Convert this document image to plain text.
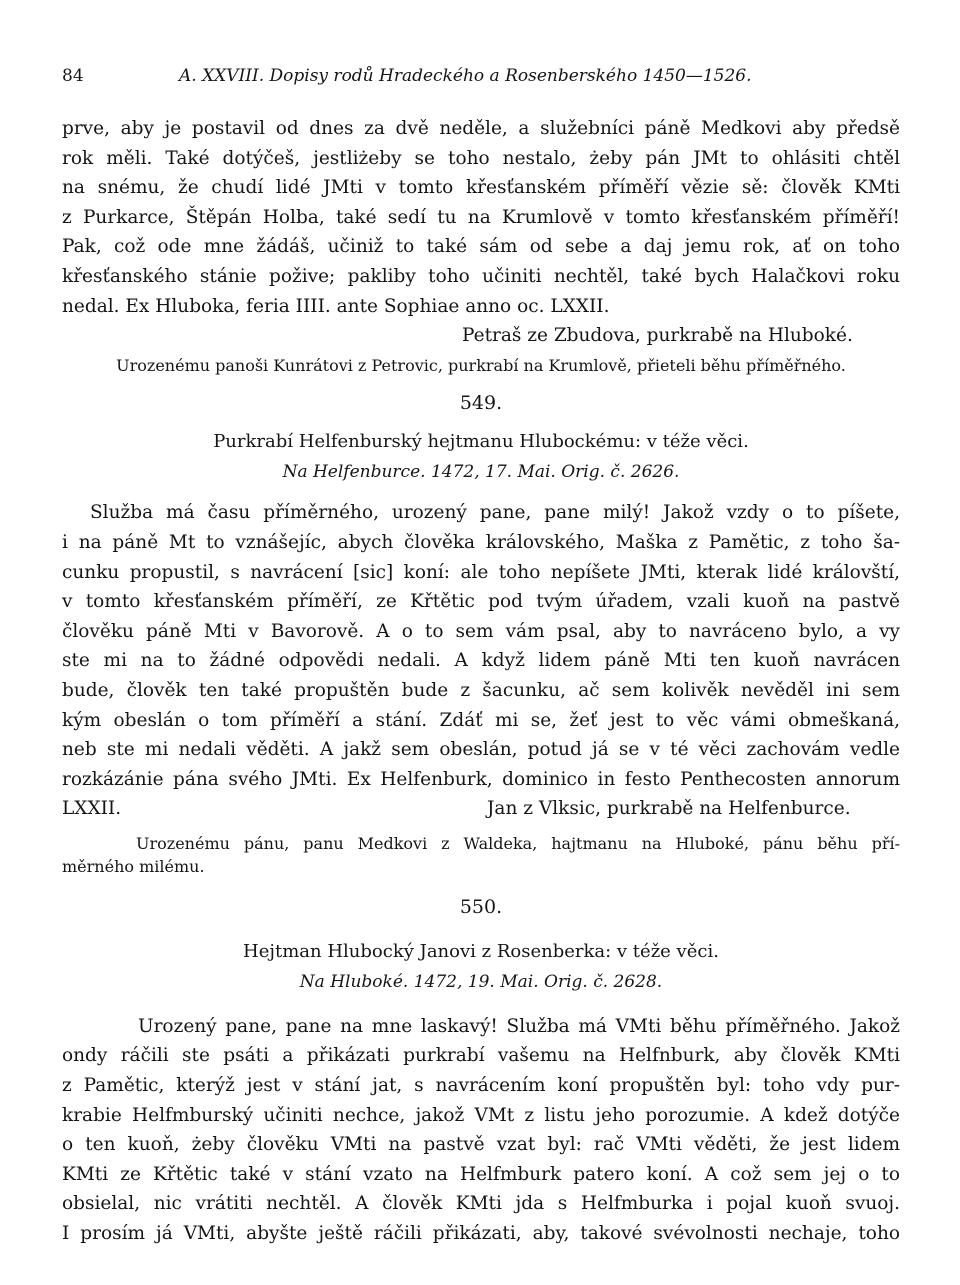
84	A. XXVIII. Dopisy rodů Hradeckého a Rosenberského 1450—1526.
prve, aby je postavil od dnes za dvě neděle, a služebníci páně Medkovi aby předsě
rok měli. Také dotýčeš, jestliżeby se toho nestalo, żeby pán JMt to ohlásiti chtěl
na snému, že chudí lidé JMti v tomto křesťanském příměří vězie sě: člověk KMti
z Purkarce, Štěpán Holba, také sedí tu na Krumlově v tomto křesťanském příměří!
Pak, což ode mne žádáš, učiniž to také sám od sebe a daj jemu rok, ať on toho
křesťanského stánie požive; pakliby toho učiniti nechtěl, také bych Halačkovi roku
nedal. Ex Hluboka, feria IIII. ante Sophiae anno oc. LXXII.
Petraš ze Zbudova, purkrabě na Hluboké.
Urozenému panoši Kunrátovi z Petrovic, purkrabí na Krumlově, přieteli běhu příměřného.
549.
Purkrabí Helfenburský hejtmanu Hlubockému: v téže věci.
Na Helfenburce. 1472, 17. Mai. Orig. č. 2626.
Služba má času příměrného, urozený pane, pane milý! Jakož vzdy o to píšete,
i na páně Mt to vznášejíc, abych člověka královského, Maška z Pamětic, z toho ša-
cunku propustil, s navrácení [sic] koní: ale toho nepíšete JMti, kterak lidé královští,
v tomto křesťanském příměří, ze Křtětic pod tvým úřadem, vzali kuoň na pastvě
člověku páně Mti v Bavorově. A o to sem vám psal, aby to navráceno bylo, a vy
ste mi na to žádné odpovědi nedali. A když lidem páně Mti ten kuoň navrácen
bude, člověk ten také propuštěn bude z šacunku, ač sem kolivěk nevěděl ini sem
kým obeslán o tom příměří a stání. Zdáť mi se, žeť jest to věc vámi obmeškaná,
neb ste mi nedali věděti. A jakž sem obeslán, potud já se v té věci zachovám vedle
rozkázánie pána svého JMti. Ex Helfenburk, dominico in festo Penthecosten annorum
LXXII.	Jan z Vlksic, purkrabě na Helfenburce.
Urozenému pánu, panu Medkovi z Waldeka, hajtmanu na Hluboké, pánu běhu pří-
měrného milému.
550.
Hejtman Hlubocký Janovi z Rosenberka: v téže věci.
Na Hluboké. 1472, 19. Mai. Orig. č. 2628.
Urozený pane, pane na mne laskavý! Služba má VMti běhu příměřného. Jakož
ondy ráčili ste psáti a přikázati purkrabí vašemu na Helfnburk, aby člověk KMti
z Pamětic, kterýž jest v stání jat, s navrácením koní propuštěn byl: toho vdy pur-
krabie Helfmburský učiniti nechce, jakož VMt z listu jeho porozumie. A kdež dotýče
o ten kuoň, żeby člověku VMti na pastvě vzat byl: rač VMti věděti, že jest lidem
KMti ze Křtětic také v stání vzato na Helfmburk patero koní. A což sem jej o to
obsielal, nic vrátiti nechtěl. A člověk KMti jda s Helfmburka i pojal kuoň svuoj.
I prosím já VMti, abyšte ještě ráčili přikázati, aby, takové svévolnosti nechaje, toho
